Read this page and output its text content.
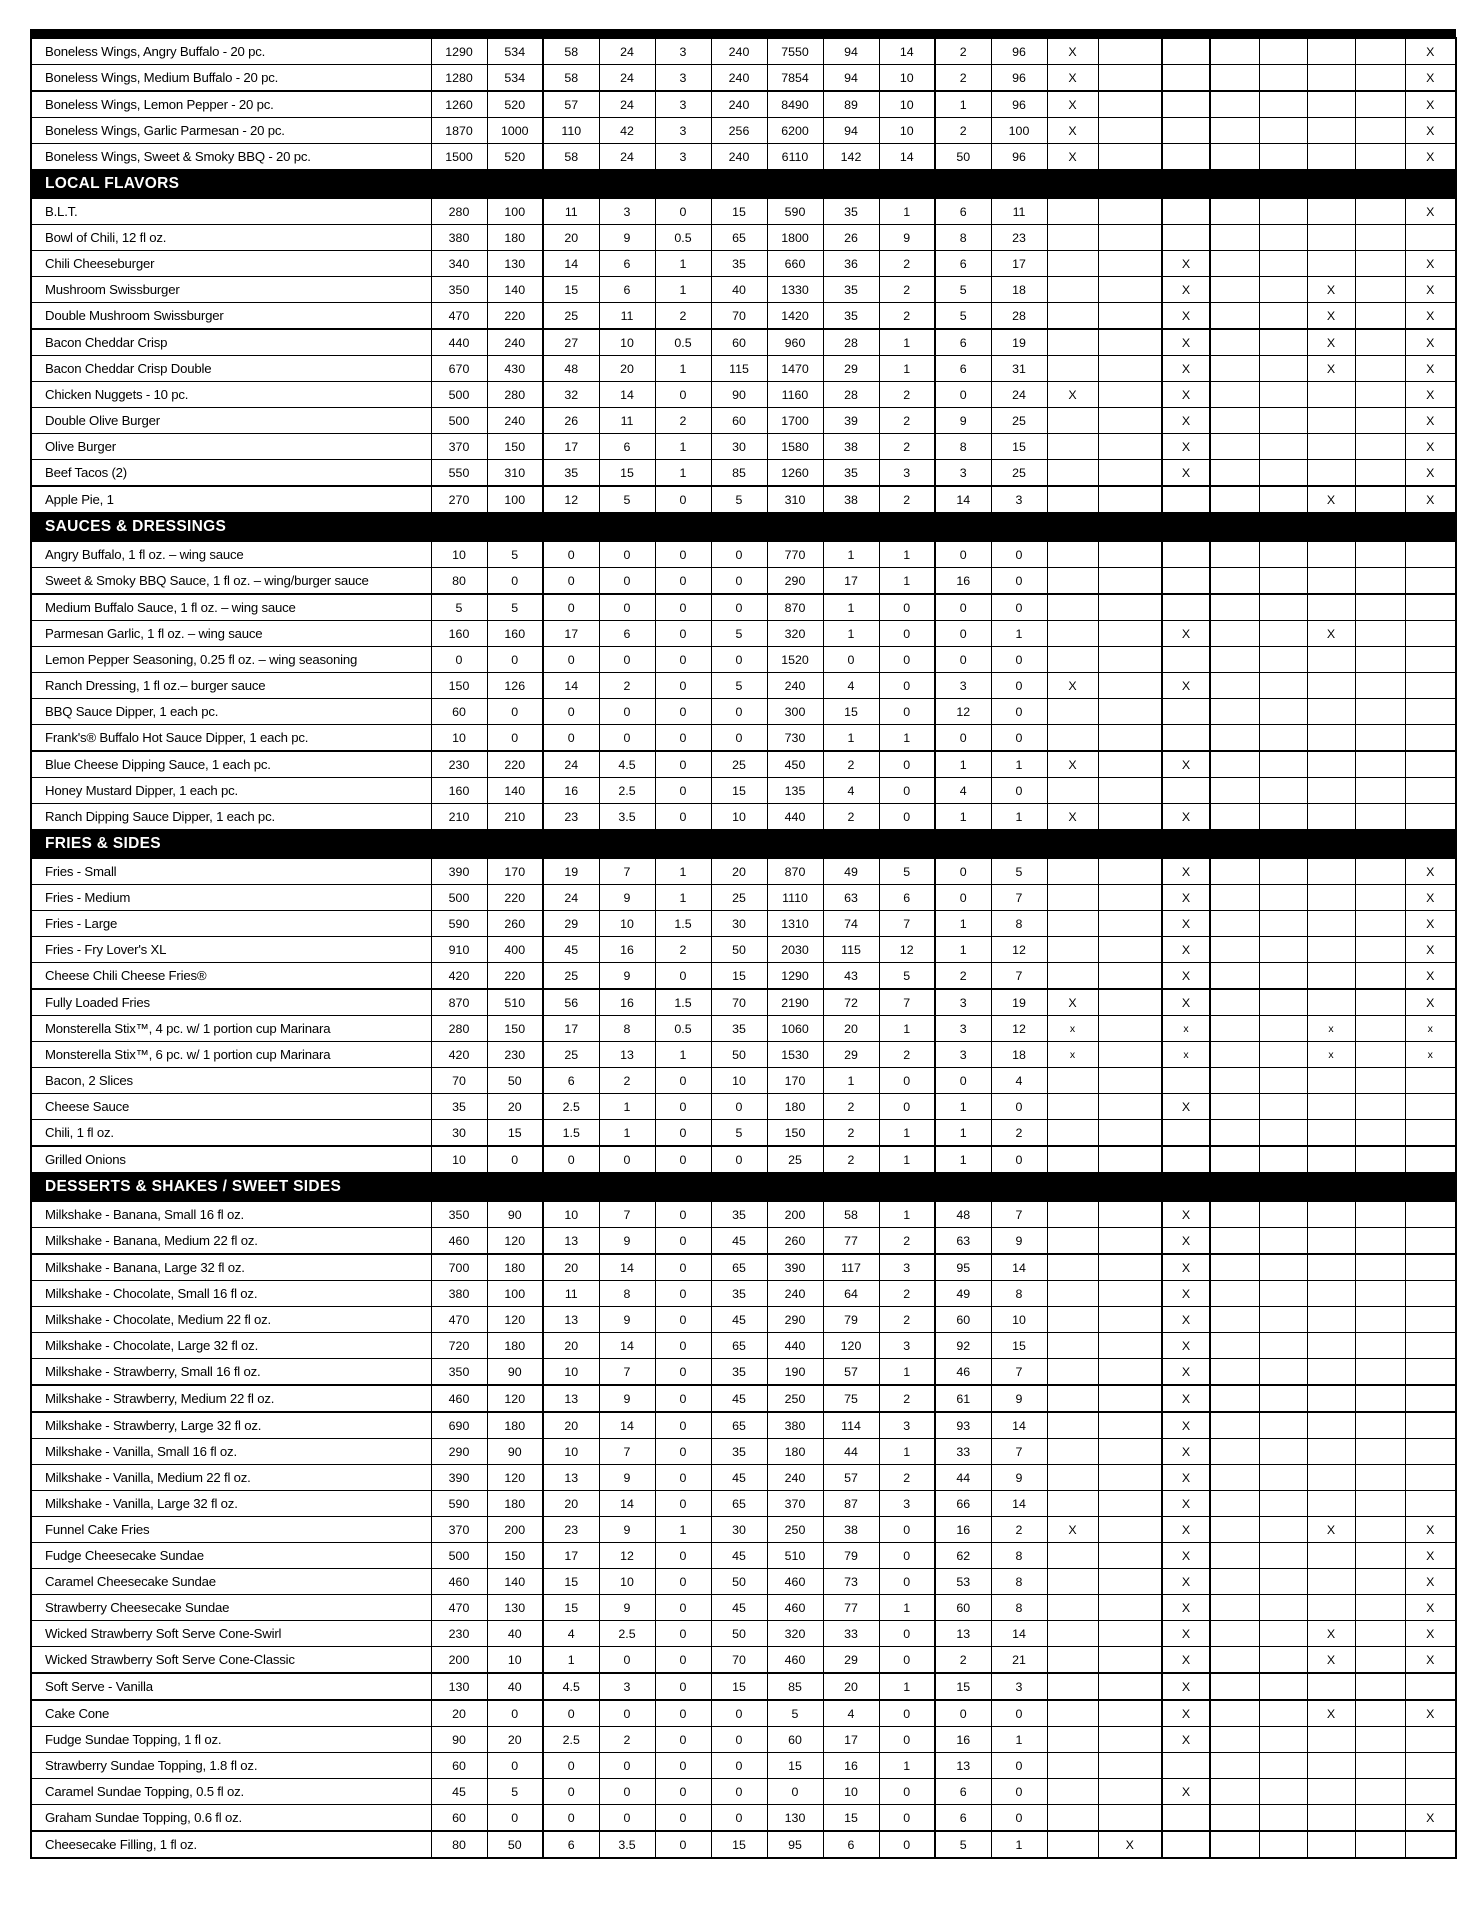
Boneless Wings, Angry Buffalo - 20 pc.	1290	534	58	24	3	240	7550	94	14	2	96	X							X
Boneless Wings, Medium Buffalo - 20 pc.	1280	534	58	24	3	240	7854	94	10	2	96	X							X
Boneless Wings, Lemon Pepper - 20 pc.	1260	520	57	24	3	240	8490	89	10	1	96	X							X
Boneless Wings, Garlic Parmesan - 20 pc.	1870	1000	110	42	3	256	6200	94	10	2	100	X							X
Boneless Wings, Sweet & Smoky BBQ - 20 pc.	1500	520	58	24	3	240	6110	142	14	50	96	X							X
LOCAL FLAVORS																			
B.L.T.	280	100	11	3	0	15	590	35	1	6	11								X
Bowl of Chili, 12 fl oz.	380	180	20	9	0.5	65	1800	26	9	8	23								
Chili Cheeseburger	340	130	14	6	1	35	660	36	2	6	17			X					X
Mushroom Swissburger	350	140	15	6	1	40	1330	35	2	5	18			X			X		X
Double Mushroom Swissburger	470	220	25	11	2	70	1420	35	2	5	28			X			X		X
Bacon Cheddar Crisp	440	240	27	10	0.5	60	960	28	1	6	19			X			X		X
Bacon Cheddar Crisp Double	670	430	48	20	1	115	1470	29	1	6	31			X			X		X
Chicken Nuggets - 10 pc.	500	280	32	14	0	90	1160	28	2	0	24	X		X					X
Double Olive Burger	500	240	26	11	2	60	1700	39	2	9	25			X					X
Olive Burger	370	150	17	6	1	30	1580	38	2	8	15			X					X
Beef Tacos (2)	550	310	35	15	1	85	1260	35	3	3	25			X					X
Apple Pie, 1	270	100	12	5	0	5	310	38	2	14	3						X		X
SAUCES & DRESSINGS																			
Angry Buffalo, 1 fl oz. – wing sauce	10	5	0	0	0	0	770	1	1	0	0								
Sweet & Smoky BBQ Sauce, 1 fl oz. – wing/burger sauce	80	0	0	0	0	0	290	17	1	16	0								
Medium Buffalo Sauce, 1 fl oz. – wing sauce	5	5	0	0	0	0	870	1	0	0	0								
Parmesan Garlic, 1 fl oz. – wing sauce	160	160	17	6	0	5	320	1	0	0	1			X			X		
Lemon Pepper Seasoning, 0.25 fl oz. – wing seasoning	0	0	0	0	0	0	1520	0	0	0	0								
Ranch Dressing, 1 fl oz.– burger sauce	150	126	14	2	0	5	240	4	0	3	0	X		X					
BBQ Sauce Dipper, 1 each pc.	60	0	0	0	0	0	300	15	0	12	0								
Frank's® Buffalo Hot Sauce Dipper, 1 each pc.	10	0	0	0	0	0	730	1	1	0	0								
Blue Cheese Dipping Sauce, 1 each pc.	230	220	24	4.5	0	25	450	2	0	1	1	X		X					
Honey Mustard Dipper, 1 each pc.	160	140	16	2.5	0	15	135	4	0	4	0								
Ranch Dipping Sauce Dipper, 1 each pc.	210	210	23	3.5	0	10	440	2	0	1	1	X		X					
FRIES & SIDES																			
Fries - Small	390	170	19	7	1	20	870	49	5	0	5			X					X
Fries - Medium	500	220	24	9	1	25	1110	63	6	0	7			X					X
Fries - Large	590	260	29	10	1.5	30	1310	74	7	1	8			X					X
Fries - Fry Lover's XL	910	400	45	16	2	50	2030	115	12	1	12			X					X
Cheese Chili Cheese Fries®	420	220	25	9	0	15	1290	43	5	2	7			X					X
Fully Loaded Fries	870	510	56	16	1.5	70	2190	72	7	3	19	X		X					X
Monsterella Stix™, 4 pc. w/ 1 portion cup Marinara	280	150	17	8	0.5	35	1060	20	1	3	12	x		x			x		x
Monsterella Stix™, 6 pc. w/ 1 portion cup Marinara	420	230	25	13	1	50	1530	29	2	3	18	x		x			x		x
Bacon, 2 Slices	70	50	6	2	0	10	170	1	0	0	4								
Cheese Sauce	35	20	2.5	1	0	0	180	2	0	1	0			X					
Chili, 1 fl oz.	30	15	1.5	1	0	5	150	2	1	1	2								
Grilled Onions	10	0	0	0	0	0	25	2	1	1	0								
DESSERTS & SHAKES / SWEET SIDES																			
Milkshake - Banana, Small 16 fl oz.	350	90	10	7	0	35	200	58	1	48	7			X					
Milkshake - Banana, Medium 22 fl oz.	460	120	13	9	0	45	260	77	2	63	9			X					
Milkshake - Banana, Large 32 fl oz.	700	180	20	14	0	65	390	117	3	95	14			X					
Milkshake - Chocolate, Small 16 fl oz.	380	100	11	8	0	35	240	64	2	49	8			X					
Milkshake - Chocolate, Medium 22 fl oz.	470	120	13	9	0	45	290	79	2	60	10			X					
Milkshake - Chocolate, Large 32 fl oz.	720	180	20	14	0	65	440	120	3	92	15			X					
Milkshake - Strawberry, Small 16 fl oz.	350	90	10	7	0	35	190	57	1	46	7			X					
Milkshake - Strawberry, Medium 22 fl oz.	460	120	13	9	0	45	250	75	2	61	9			X					
Milkshake - Strawberry, Large 32 fl oz.	690	180	20	14	0	65	380	114	3	93	14			X					
Milkshake - Vanilla, Small 16 fl oz.	290	90	10	7	0	35	180	44	1	33	7			X					
Milkshake - Vanilla, Medium 22 fl oz.	390	120	13	9	0	45	240	57	2	44	9			X					
Milkshake - Vanilla, Large 32 fl oz.	590	180	20	14	0	65	370	87	3	66	14			X					
Funnel Cake Fries	370	200	23	9	1	30	250	38	0	16	2	X		X			X		X
Fudge Cheesecake Sundae	500	150	17	12	0	45	510	79	0	62	8			X					X
Caramel Cheesecake Sundae	460	140	15	10	0	50	460	73	0	53	8			X					X
Strawberry Cheesecake Sundae	470	130	15	9	0	45	460	77	1	60	8			X					X
Wicked Strawberry Soft Serve Cone-Swirl	230	40	4	2.5	0	50	320	33	0	13	14			X			X		X
Wicked Strawberry Soft Serve Cone-Classic	200	10	1	0	0	70	460	29	0	2	21			X			X		X
Soft Serve - Vanilla	130	40	4.5	3	0	15	85	20	1	15	3			X					
Cake Cone	20	0	0	0	0	0	5	4	0	0	0			X			X		X
Fudge Sundae Topping, 1 fl oz.	90	20	2.5	2	0	0	60	17	0	16	1			X					
Strawberry Sundae Topping, 1.8 fl oz.	60	0	0	0	0	0	15	16	1	13	0								
Caramel Sundae Topping, 0.5 fl oz.	45	5	0	0	0	0	0	10	0	6	0			X					
Graham Sundae Topping, 0.6 fl oz.	60	0	0	0	0	0	130	15	0	6	0								X
Cheesecake Filling, 1 fl oz.	80	50	6	3.5	0	15	95	6	0	5	1		X						
